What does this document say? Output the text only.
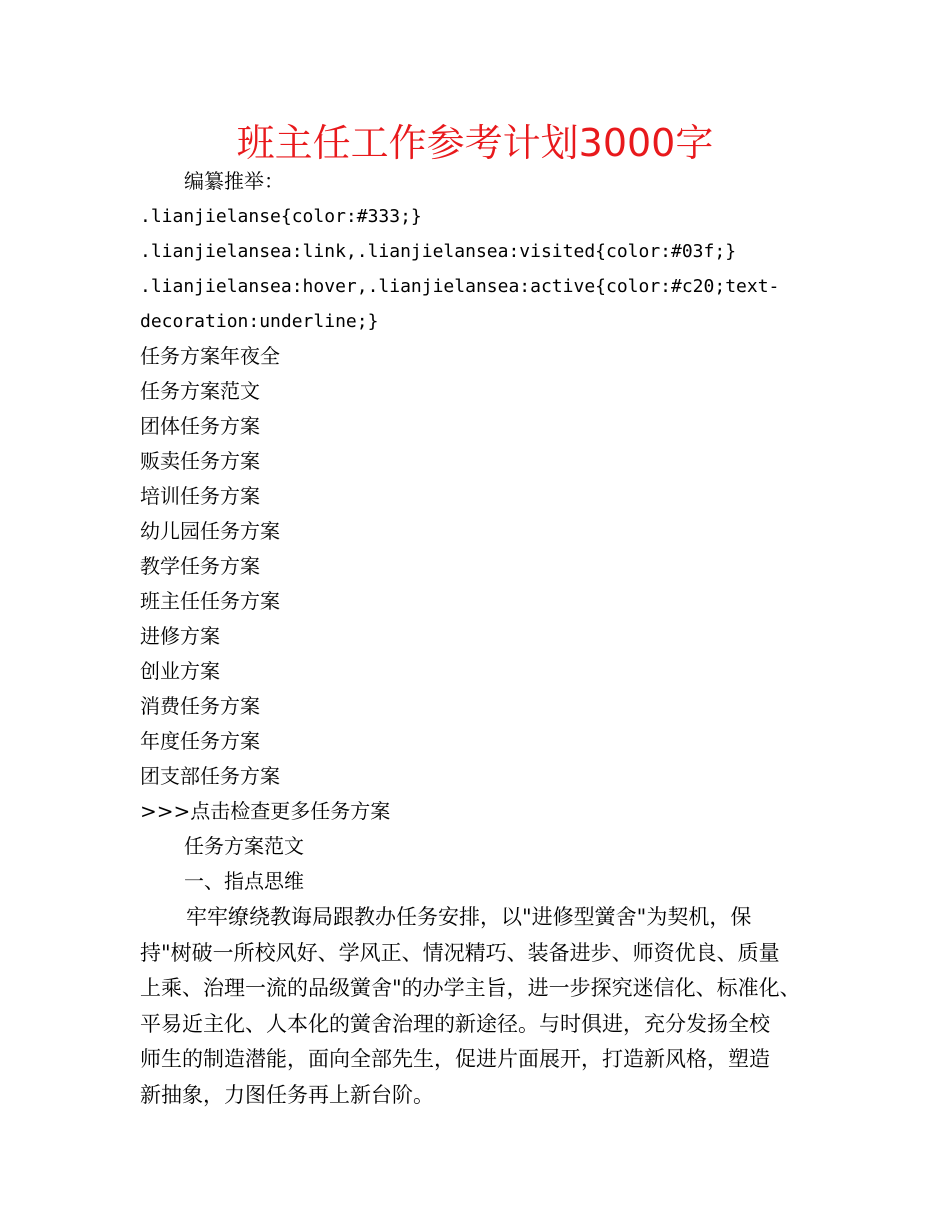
班主任工作参考计划3000字
编纂推举：
.lianjielanse{color:#333;}
.lianjielansea:link,.lianjielansea:visited{color:#03f;}
.lianjielansea:hover,.lianjielansea:active{color:#c20;text-
decoration:underline;}
任务方案年夜全
任务方案范文
团体任务方案
贩卖任务方案
培训任务方案
幼儿园任务方案
教学任务方案
班主任任务方案
进修方案
创业方案
消费任务方案
年度任务方案
团支部任务方案
>>>点击检查更多任务方案
任务方案范文
一、指点思维
牢牢缭绕教诲局跟教办任务安排，以"进修型黉舍"为契机，保
持"树破一所校风好、学风正、情况精巧、装备进步、师资优良、质量
上乘、治理一流的品级黉舍"的办学主旨，进一步探究迷信化、标准化、
平易近主化、人本化的黉舍治理的新途径。与时俱进，充分发扬全校
师生的制造潜能，面向全部先生，促进片面展开，打造新风格，塑造
新抽象，力图任务再上新台阶。
